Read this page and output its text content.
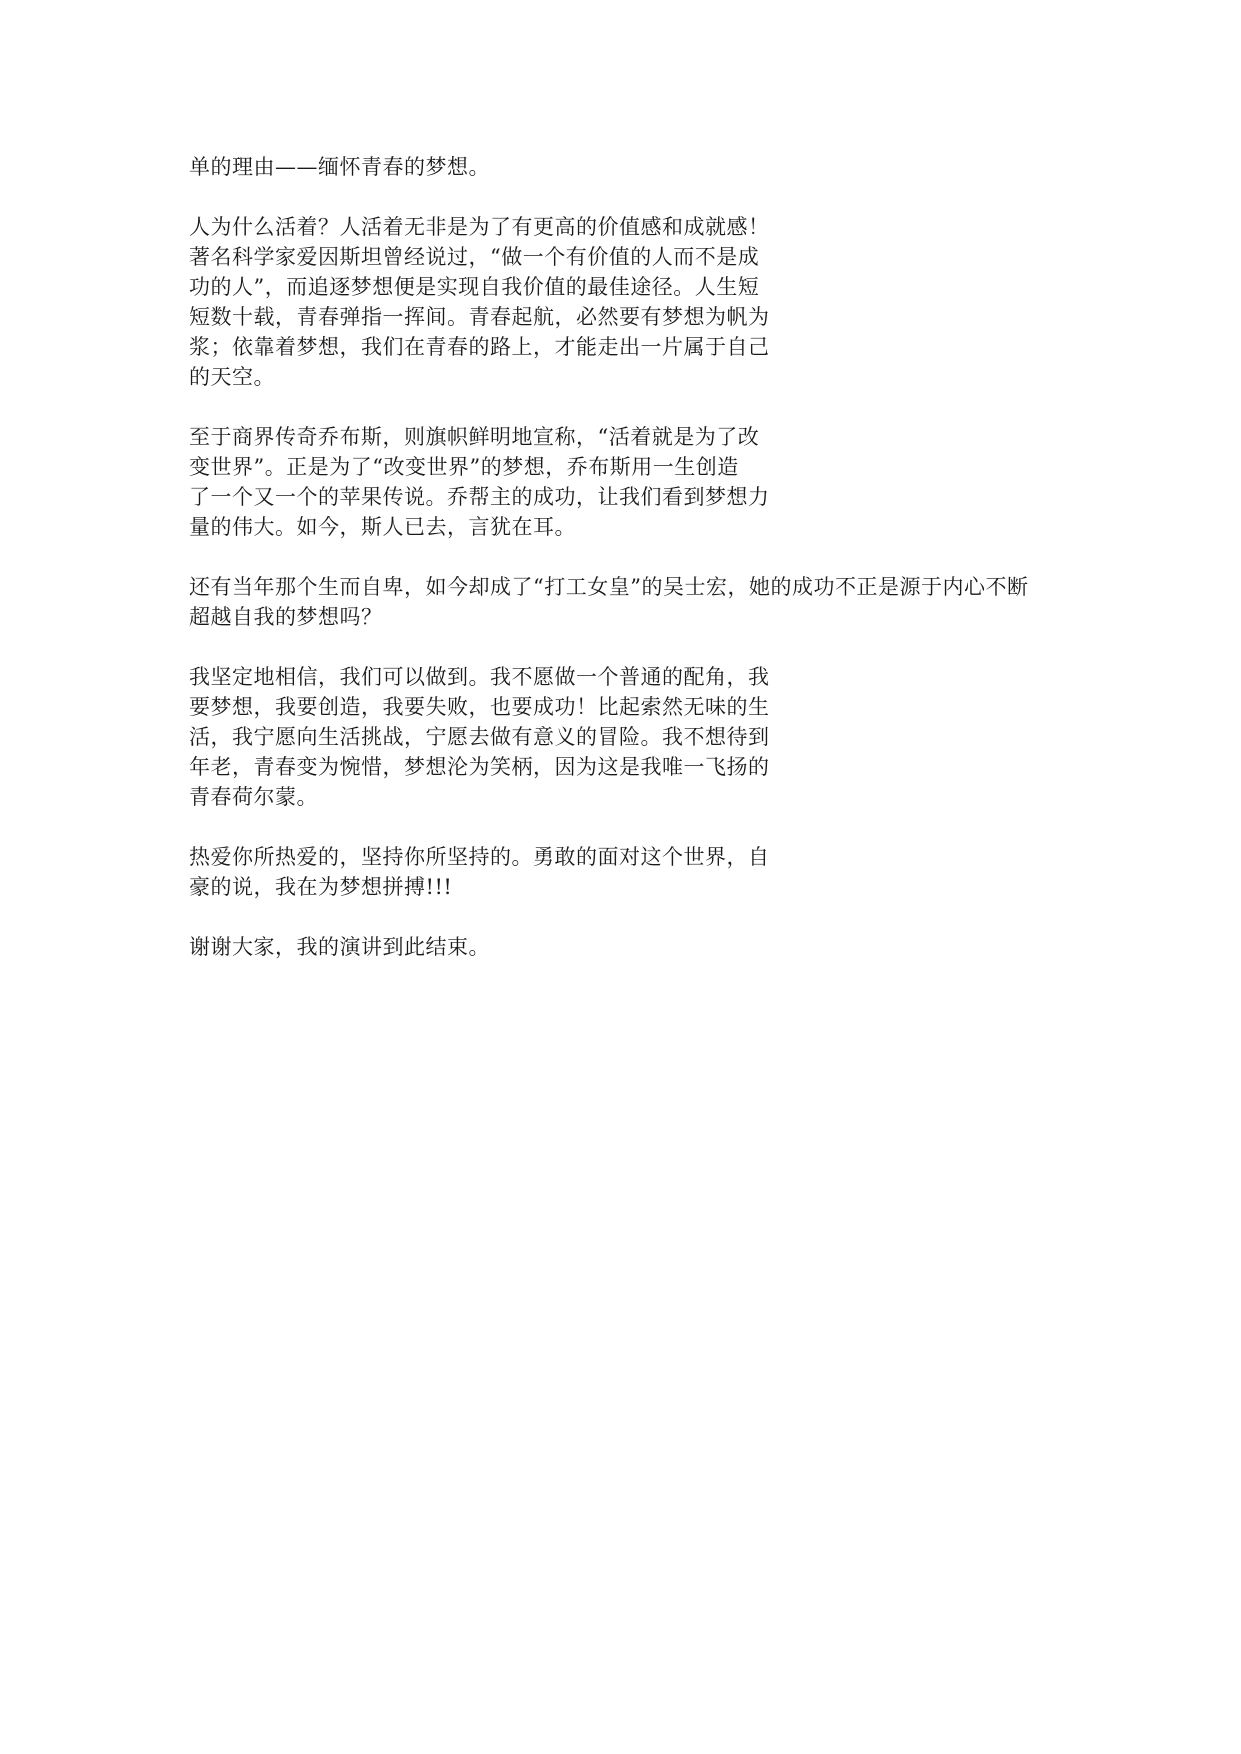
单的理由——缅怀青春的梦想。

人为什么活着？人活着无非是为了有更高的价值感和成就感！
著名科学家爱因斯坦曾经说过，“做一个有价值的人而不是成
功的人”，而追逐梦想便是实现自我价值的最佳途径。人生短
短数十载，青春弹指一挥间。青春起航，必然要有梦想为帆为
浆；依靠着梦想，我们在青春的路上，才能走出一片属于自己
的天空。

至于商界传奇乔布斯，则旗帜鲜明地宣称，“活着就是为了改
变世界”。正是为了“改变世界”的梦想，乔布斯用一生创造
了一个又一个的苹果传说。乔帮主的成功，让我们看到梦想力
量的伟大。如今，斯人已去，言犹在耳。

还有当年那个生而自卑，如今却成了“打工女皇”的吴士宏，她的成功不正是源于内心不断
超越自我的梦想吗？

我坚定地相信，我们可以做到。我不愿做一个普通的配角，我
要梦想，我要创造，我要失败，也要成功！比起索然无味的生
活，我宁愿向生活挑战，宁愿去做有意义的冒险。我不想待到
年老，青春变为惋惜，梦想沦为笑柄，因为这是我唯一飞扬的
青春荷尔蒙。

热爱你所热爱的，坚持你所坚持的。勇敢的面对这个世界，自
豪的说，我在为梦想拼搏!!!

谢谢大家，我的演讲到此结束。
